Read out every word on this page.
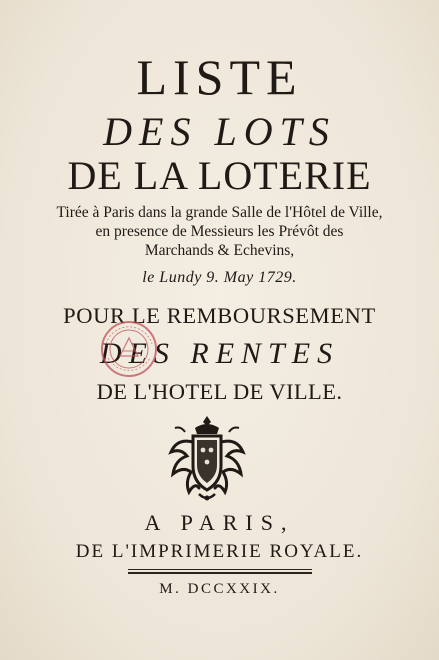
LISTE
DES LOTS
DE LA LOTERIE
Tirée à Paris dans la grande Salle de l'Hôtel de Ville,
en presence de Messieurs les Prévôt des
Marchands & Echevins,
le Lundy 9. May 1729.
POUR LE REMBOURSEMENT
DES RENTES
DE L'HOTEL DE VILLE.
A PARIS,
DE L'IMPRIMERIE ROYALE.
M. DCCXXIX.
